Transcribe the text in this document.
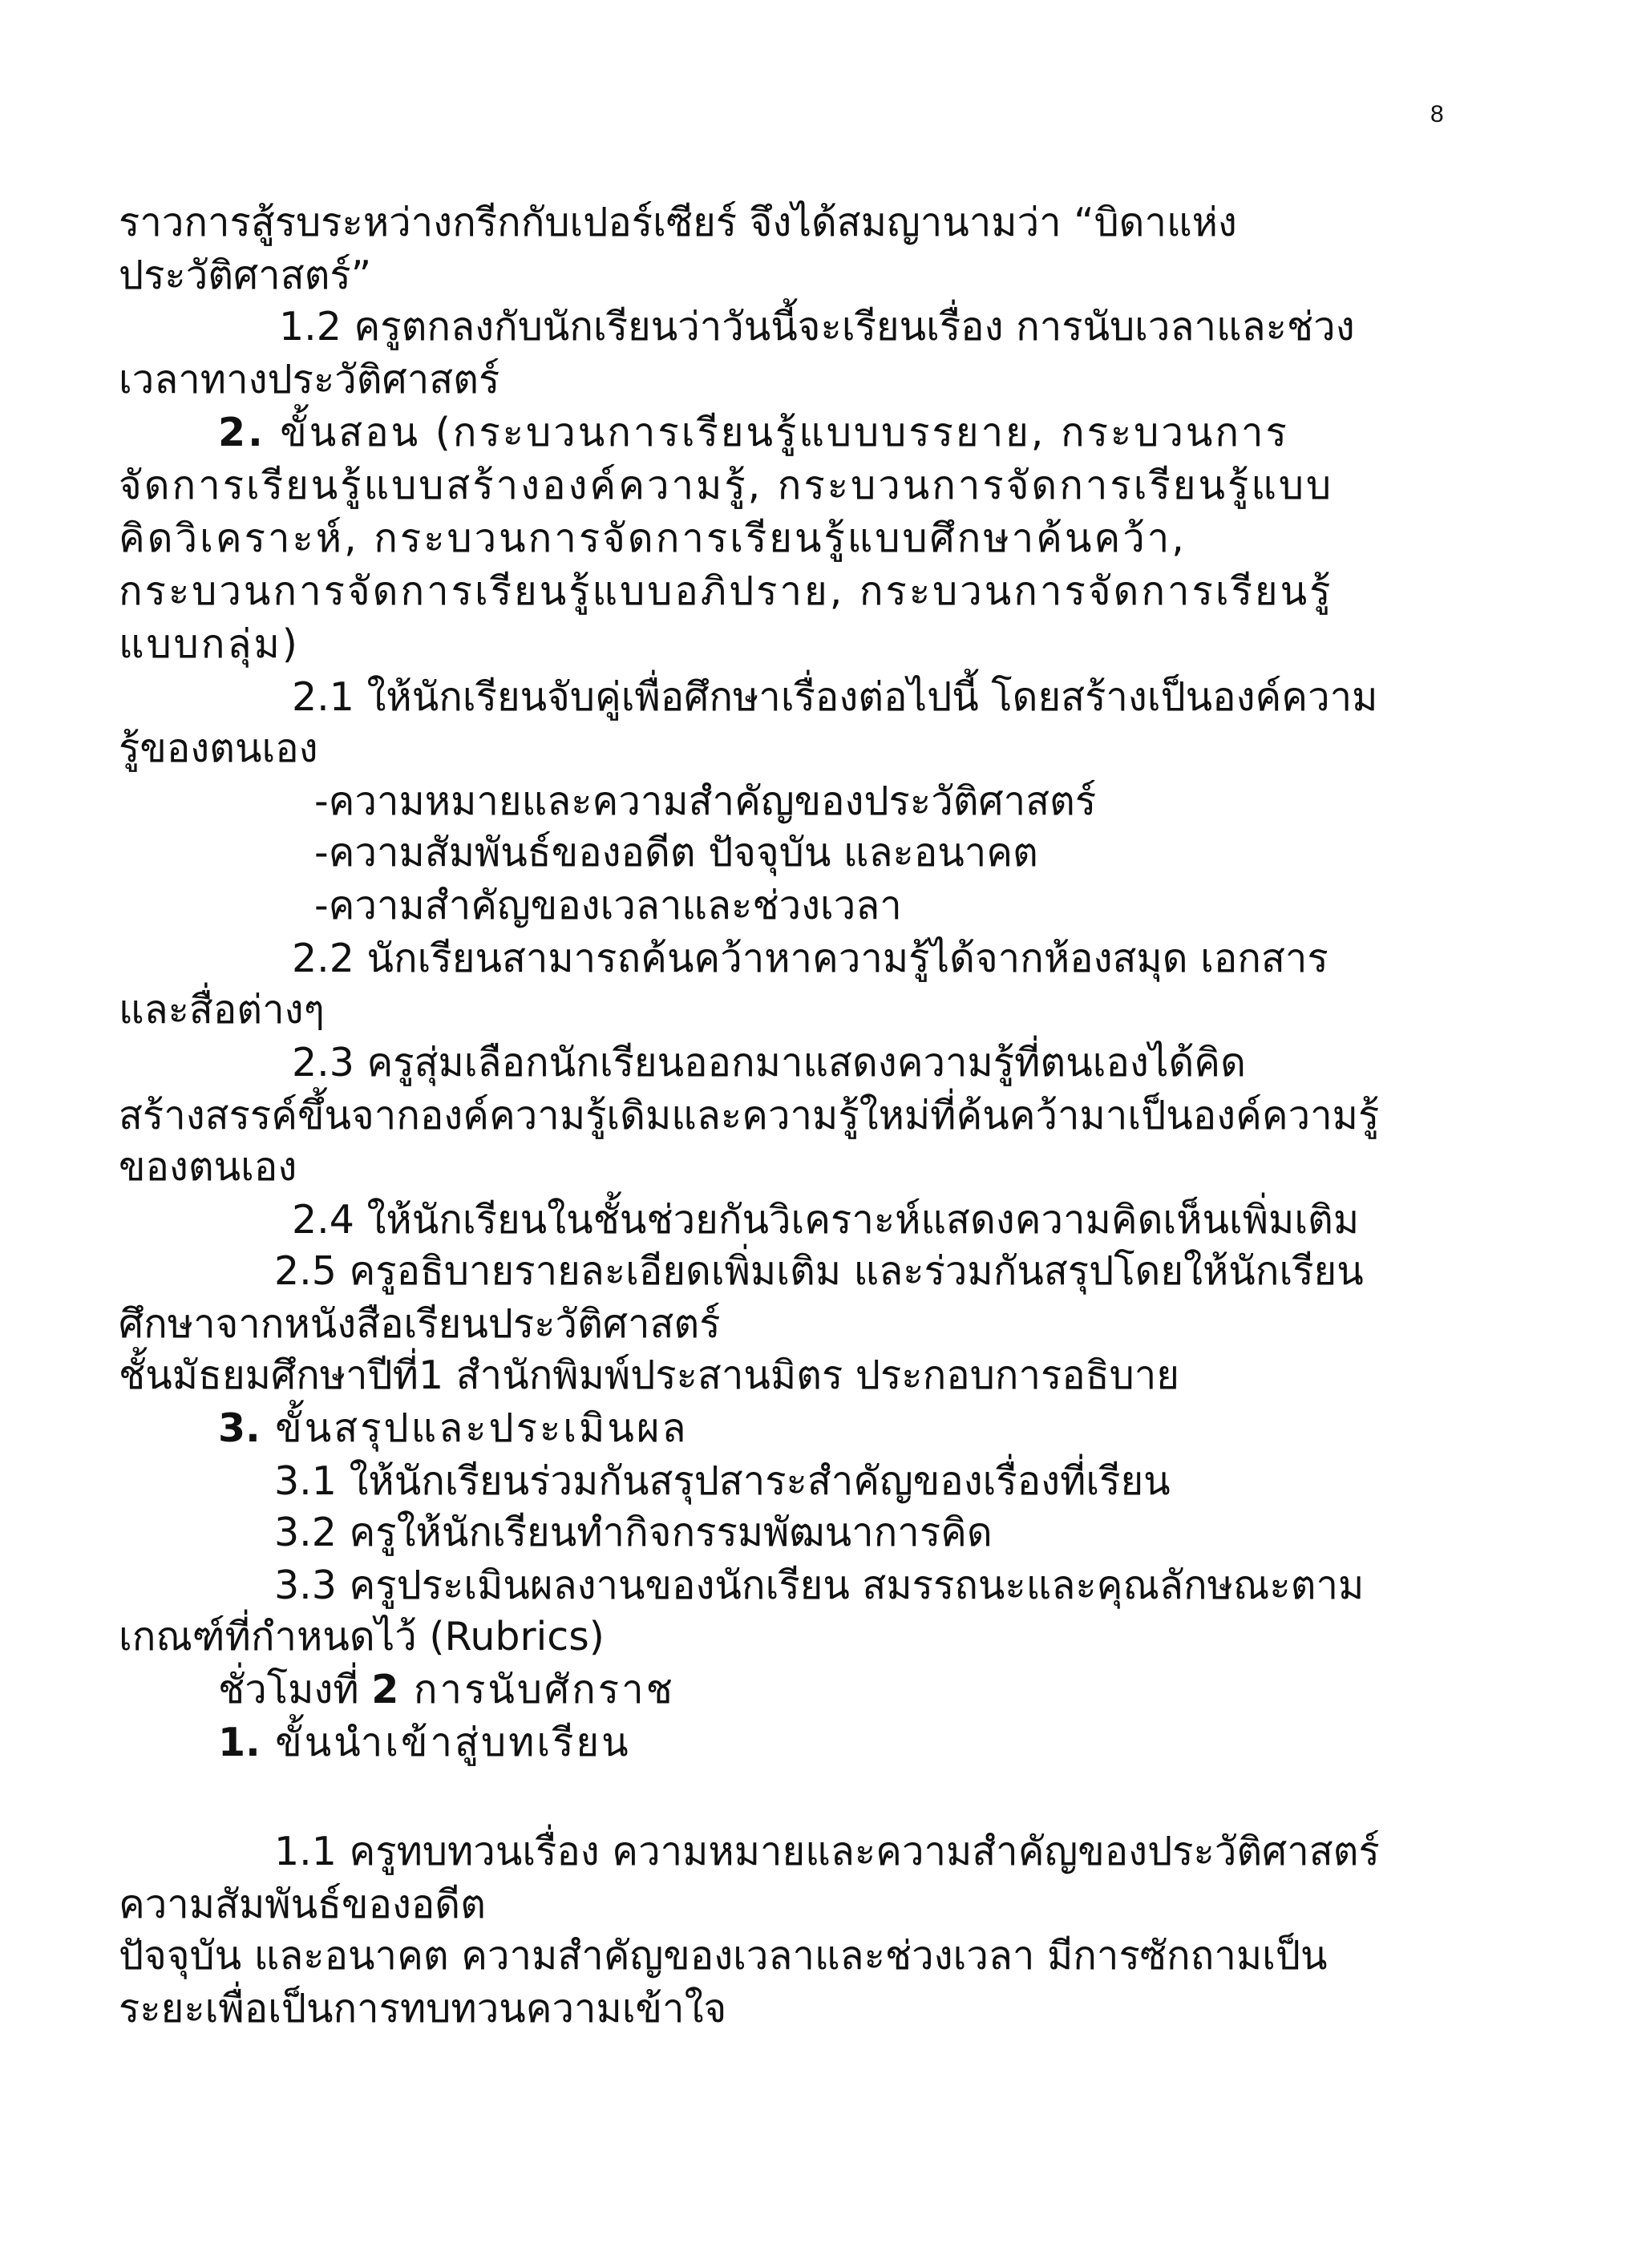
8
ราวการสู้รบระหว่างกรีกกับเปอร์เซียร์ จึงได้สมญานามว่า “บิดาแห่ง
ประวัติศาสตร์”
1.2 ครูตกลงกับนักเรียนว่าวันนี้จะเรียนเรื่อง การนับเวลาและช่วง
เวลาทางประวัติศาสตร์
2. ขั้นสอน (กระบวนการเรียนรู้แบบบรรยาย, กระบวนการ
จัดการเรียนรู้แบบสร้างองค์ความรู้, กระบวนการจัดการเรียนรู้แบบ
คิดวิเคราะห์, กระบวนการจัดการเรียนรู้แบบศึกษาค้นคว้า,
กระบวนการจัดการเรียนรู้แบบอภิปราย, กระบวนการจัดการเรียนรู้
แบบกลุ่ม)
2.1 ให้นักเรียนจับคู่เพื่อศึกษาเรื่องต่อไปนี้ โดยสร้างเป็นองค์ความ
รู้ของตนเอง
-ความหมายและความสำคัญของประวัติศาสตร์
-ความสัมพันธ์ของอดีต ปัจจุบัน และอนาคต
-ความสำคัญของเวลาและช่วงเวลา
2.2 นักเรียนสามารถค้นคว้าหาความรู้ได้จากห้องสมุด เอกสาร
และสื่อต่างๆ
2.3 ครูสุ่มเลือกนักเรียนออกมาแสดงความรู้ที่ตนเองได้คิด
สร้างสรรค์ขึ้นจากองค์ความรู้เดิมและความรู้ใหม่ที่ค้นคว้ามาเป็นองค์ความรู้
ของตนเอง
2.4 ให้นักเรียนในชั้นช่วยกันวิเคราะห์แสดงความคิดเห็นเพิ่มเติม
2.5 ครูอธิบายรายละเอียดเพิ่มเติม และร่วมกันสรุปโดยให้นักเรียน
ศึกษาจากหนังสือเรียนประวัติศาสตร์
ชั้นมัธยมศึกษาปีที่1 สำนักพิมพ์ประสานมิตร ประกอบการอธิบาย
3. ขั้นสรุปและประเมินผล
3.1 ให้นักเรียนร่วมกันสรุปสาระสำคัญของเรื่องที่เรียน
3.2 ครูให้นักเรียนทำกิจกรรมพัฒนาการคิด
3.3 ครูประเมินผลงานของนักเรียน สมรรถนะและคุณลักษณะตาม
เกณฑ์ที่กำหนดไว้ (Rubrics)
ชั่วโมงที่ 2 การนับศักราช
1. ขั้นนำเข้าสู่บทเรียน
1.1 ครูทบทวนเรื่อง ความหมายและความสำคัญของประวัติศาสตร์
ความสัมพันธ์ของอดีต
ปัจจุบัน และอนาคต ความสำคัญของเวลาและช่วงเวลา มีการซักถามเป็น
ระยะเพื่อเป็นการทบทวนความเข้าใจ
